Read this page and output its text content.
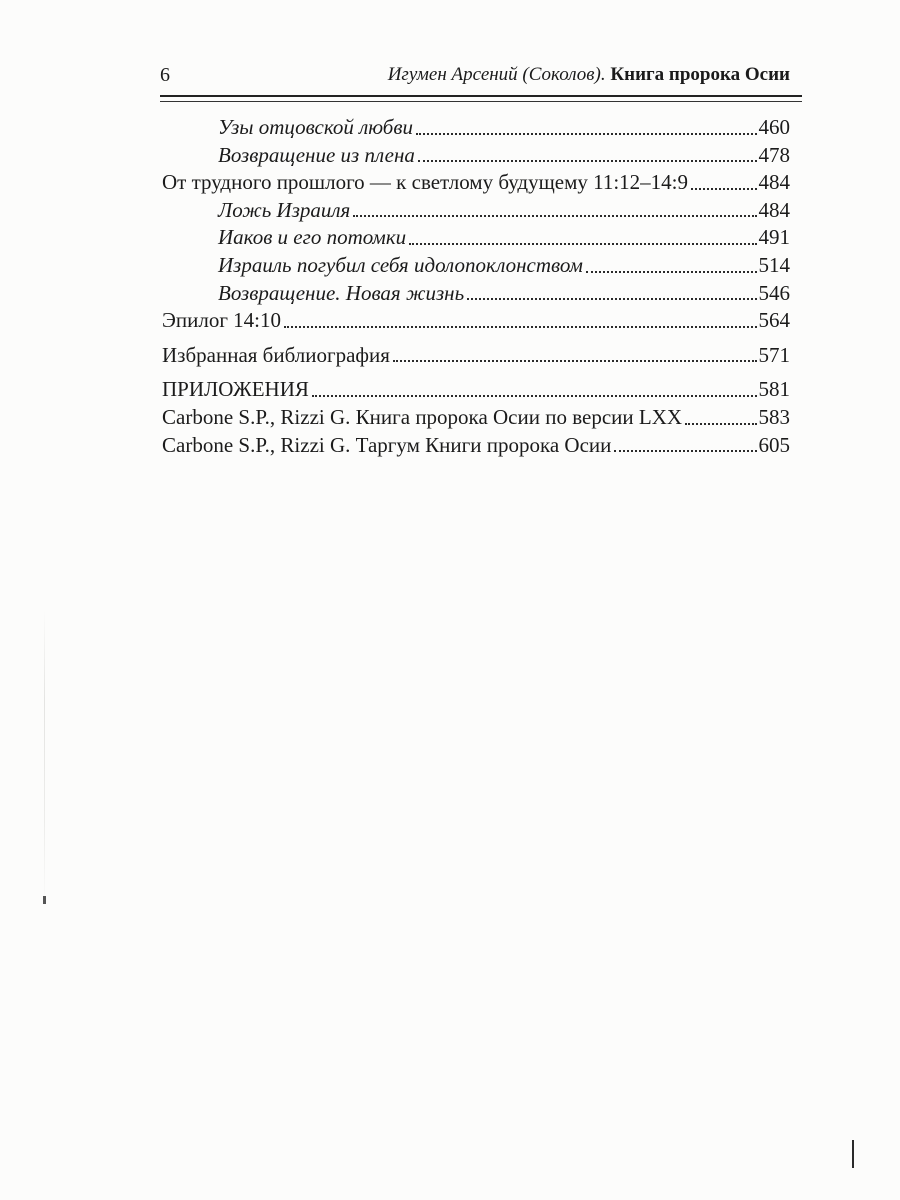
6	Игумен Арсений (Соколов). Книга пророка Осии
Узы отцовской любви	460
Возвращение из плена	478
От трудного прошлого — к светлому будущему 11:12–14:9	484
Ложь Израиля	484
Иаков и его потомки	491
Израиль погубил себя идолопоклонством	514
Возвращение. Новая жизнь	546
Эпилог 14:10	564
Избранная библиография	571
ПРИЛОЖЕНИЯ	581
Carbone S.P., Rizzi G. Книга пророка Осии по версии LXX	583
Carbone S.P., Rizzi G. Таргум Книги пророка Осии	605
